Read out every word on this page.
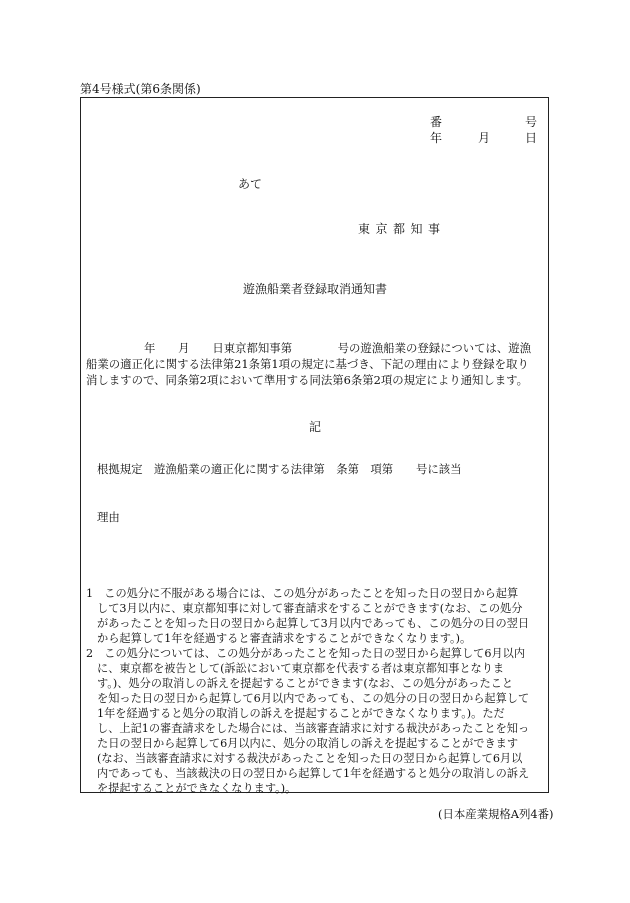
第4号様式(第6条関係)
番	号
年	月	日
あて
東京都知事
遊漁船業者登録取消通知書
年　　月　　日東京都知事第　　　　号の遊漁船業の登録については、遊漁
船業の適正化に関する法律第21条第1項の規定に基づき、下記の理由により登録を取り
消しますので、同条第2項において準用する同法第6条第2項の規定により通知します。
記
根拠規定　遊漁船業の適正化に関する法律第　条第　項第　　号に該当
理由
1　この処分に不服がある場合には、この処分があったことを知った日の翌日から起算
して3月以内に、東京都知事に対して審査請求をすることができます(なお、この処分
があったことを知った日の翌日から起算して3月以内であっても、この処分の日の翌日
から起算して1年を経過すると審査請求をすることができなくなります。)。
2　この処分については、この処分があったことを知った日の翌日から起算して6月以内
に、東京都を被告として(訴訟において東京都を代表する者は東京都知事となりま
す。)、処分の取消しの訴えを提起することができます(なお、この処分があったこと
を知った日の翌日から起算して6月以内であっても、この処分の日の翌日から起算して
1年を経過すると処分の取消しの訴えを提起することができなくなります。)。ただ
し、上記1の審査請求をした場合には、当該審査請求に対する裁決があったことを知っ
た日の翌日から起算して6月以内に、処分の取消しの訴えを提起することができます
(なお、当該審査請求に対する裁決があったことを知った日の翌日から起算して6月以
内であっても、当該裁決の日の翌日から起算して1年を経過すると処分の取消しの訴え
を提起することができなくなります。)。
(日本産業規格A列4番)
